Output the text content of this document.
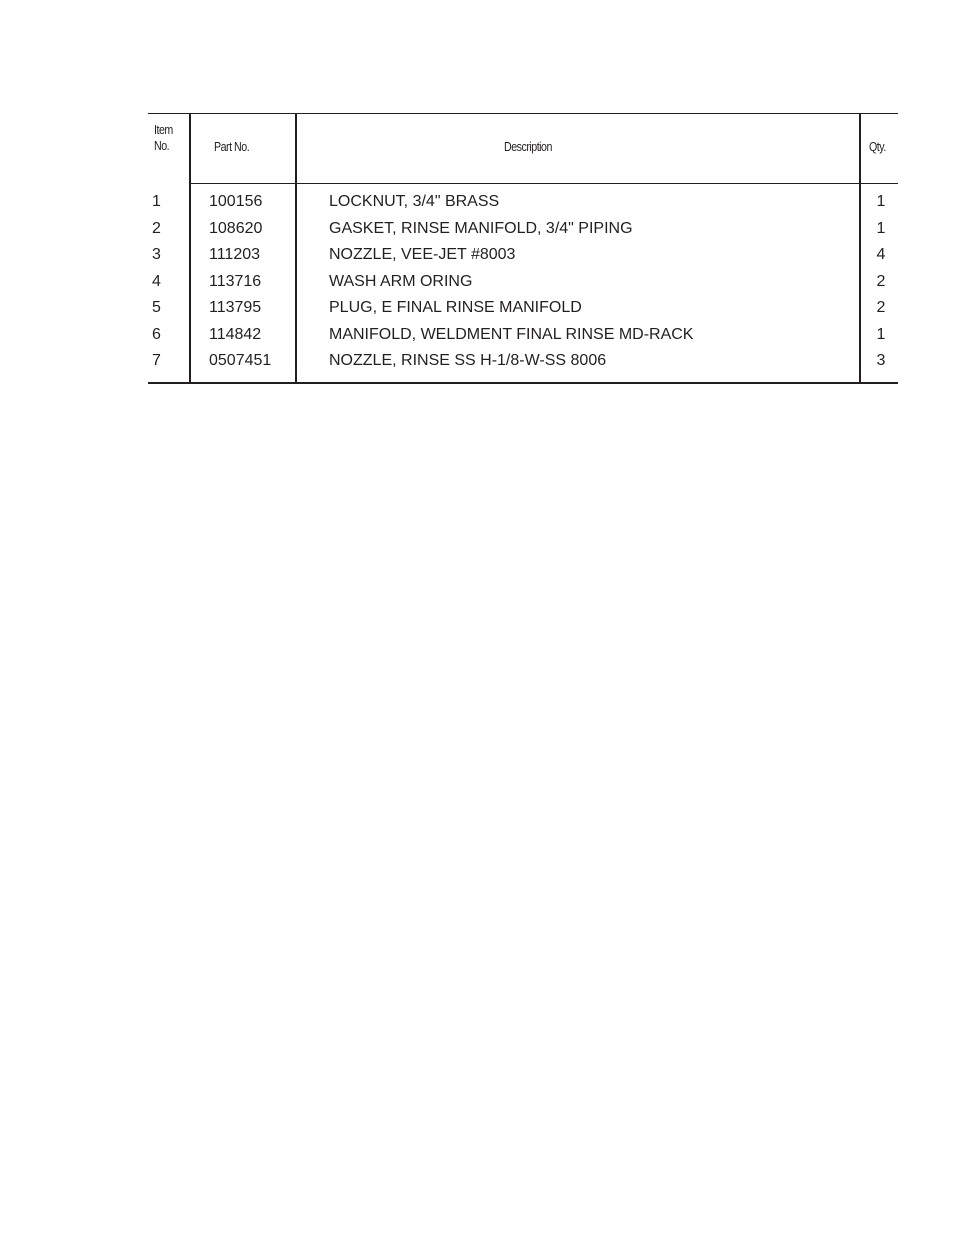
Item
No.	Part No.	Description	Qty.
1	100156	LOCKNUT, 3/4" BRASS	1
2	108620	GASKET, RINSE MANIFOLD, 3/4" PIPING	1
3	111203	NOZZLE, VEE-JET #8003	4
4	113716	WASH ARM ORING	2
5	113795	PLUG, E FINAL RINSE MANIFOLD	2
6	114842	MANIFOLD, WELDMENT FINAL RINSE MD-RACK	1
7	0507451	NOZZLE, RINSE SS H-1/8-W-SS 8006	3
